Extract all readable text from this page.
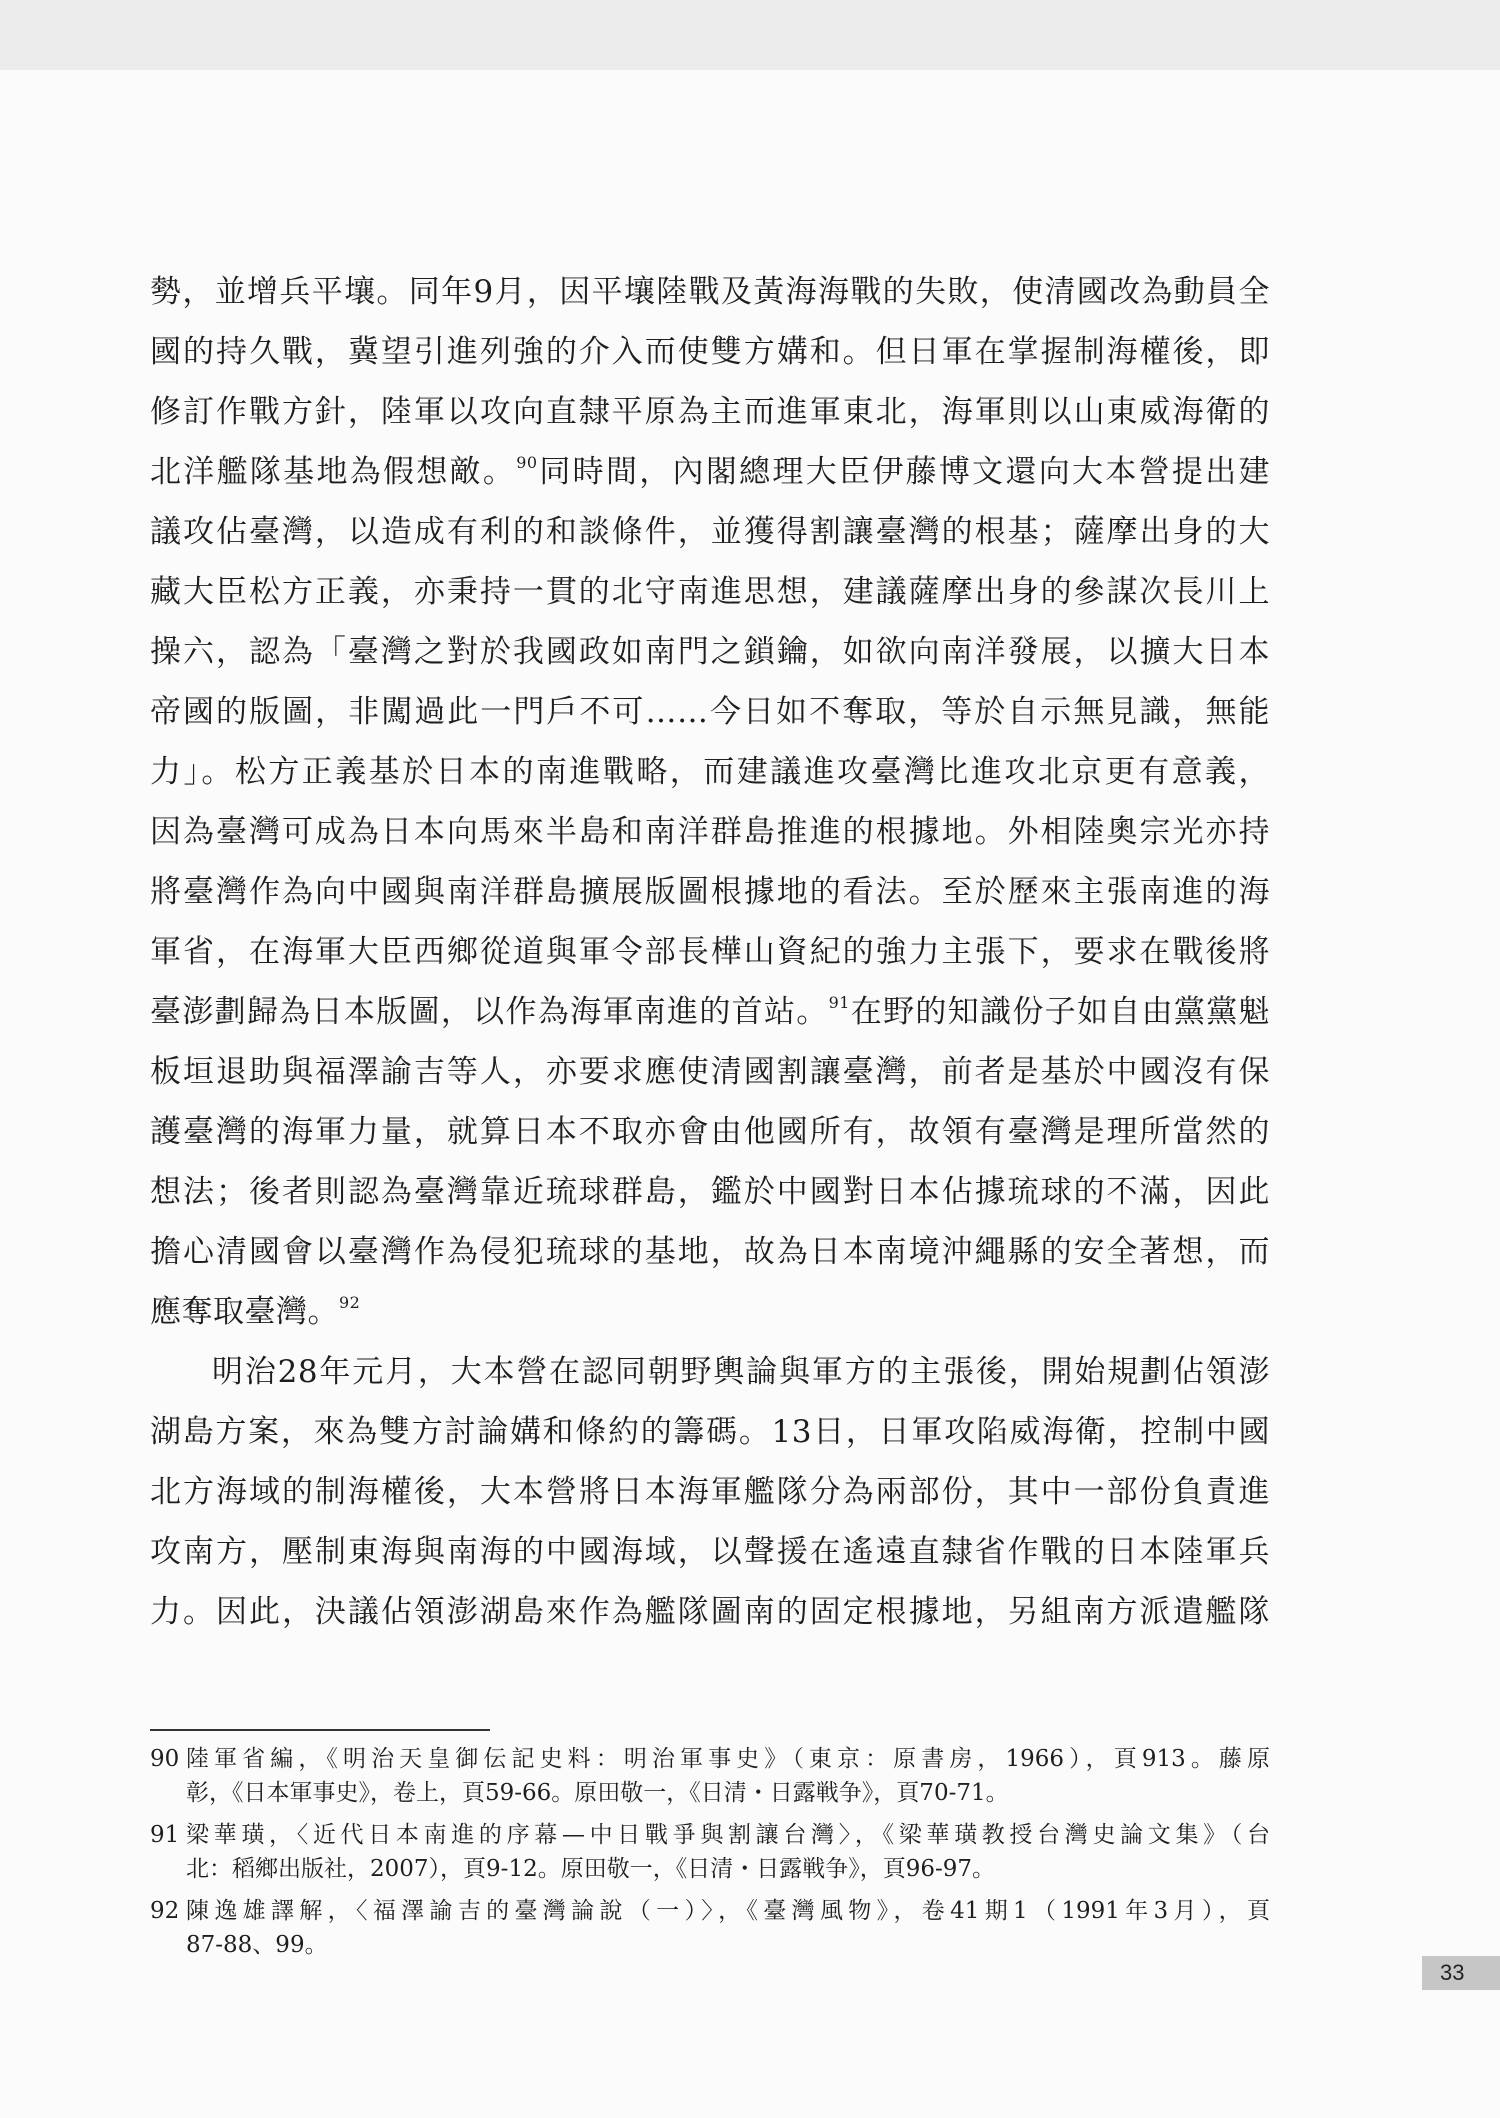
勢，並增兵平壤。同年9月，因平壤陸戰及黃海海戰的失敗，使清國改為動員全
國的持久戰，冀望引進列強的介入而使雙方媾和。但日軍在掌握制海權後，即
修訂作戰方針，陸軍以攻向直隸平原為主而進軍東北，海軍則以山東威海衛的
北洋艦隊基地為假想敵。$^{90}$同時間，內閣總理大臣伊藤博文還向大本營提出建
議攻佔臺灣，以造成有利的和談條件，並獲得割讓臺灣的根基；薩摩出身的大
藏大臣松方正義，亦秉持一貫的北守南進思想，建議薩摩出身的參謀次長川上
操六，認為「臺灣之對於我國政如南門之鎖鑰，如欲向南洋發展，以擴大日本
帝國的版圖，非闖過此一門戶不可……今日如不奪取，等於自示無見識，無能
力」。松方正義基於日本的南進戰略，而建議進攻臺灣比進攻北京更有意義，
因為臺灣可成為日本向馬來半島和南洋群島推進的根據地。外相陸奧宗光亦持
將臺灣作為向中國與南洋群島擴展版圖根據地的看法。至於歷來主張南進的海
軍省，在海軍大臣西鄉從道與軍令部長樺山資紀的強力主張下，要求在戰後將
臺澎劃歸為日本版圖，以作為海軍南進的首站。$^{91}$在野的知識份子如自由黨黨魁
板垣退助與福澤諭吉等人，亦要求應使清國割讓臺灣，前者是基於中國沒有保
護臺灣的海軍力量，就算日本不取亦會由他國所有，故領有臺灣是理所當然的
想法；後者則認為臺灣靠近琉球群島，鑑於中國對日本佔據琉球的不滿，因此
擔心清國會以臺灣作為侵犯琉球的基地，故為日本南境沖繩縣的安全著想，而
應奪取臺灣。$^{92}$
明治28年元月，大本營在認同朝野輿論與軍方的主張後，開始規劃佔領澎
湖島方案，來為雙方討論媾和條約的籌碼。13日，日軍攻陷威海衛，控制中國
北方海域的制海權後，大本營將日本海軍艦隊分為兩部份，其中一部份負責進
攻南方，壓制東海與南海的中國海域，以聲援在遙遠直隸省作戰的日本陸軍兵
力。因此，決議佔領澎湖島來作為艦隊圖南的固定根據地，另組南方派遣艦隊
90 陸軍省編，《明治天皇御伝記史料：明治軍事史》（東京：原書房，1966），頁913。藤原
彰，《日本軍事史》，卷上，頁59-66。原田敬一，《日清・日露戦争》，頁70-71。
91 梁華璜，〈近代日本南進的序幕—中日戰爭與割讓台灣〉，《梁華璜教授台灣史論文集》（台
北：稻鄉出版社，2007），頁9-12。原田敬一，《日清・日露戦争》，頁96-97。
92 陳逸雄譯解，〈福澤諭吉的臺灣論說（一）〉，《臺灣風物》，卷41期1（1991年3月），頁
87-88、99。
33
